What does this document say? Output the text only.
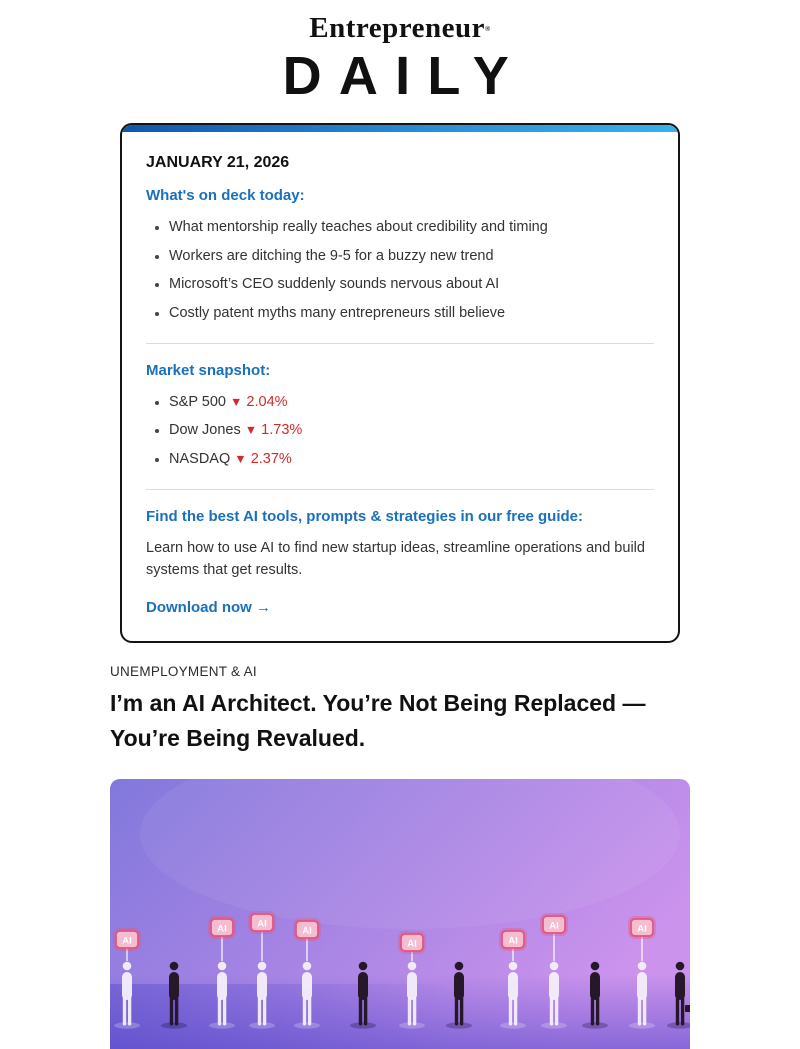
Entrepreneur®
DAILY
JANUARY 21, 2026
What's on deck today:
• What mentorship really teaches about credibility and timing
• Workers are ditching the 9-5 for a buzzy new trend
• Microsoft’s CEO suddenly sounds nervous about AI
• Costly patent myths many entrepreneurs still believe
Market snapshot:
• S&P 500 ▼ 2.04%
• Dow Jones ▼ 1.73%
• NASDAQ ▼ 2.37%
Find the best AI tools, prompts & strategies in our free guide:

Learn how to use AI to find new startup ideas, streamline operations and build systems that get results.

Download now →
UNEMPLOYMENT & AI
I’m an AI Architect. You’re Not Being Replaced —
You’re Being Revalued.
AI
AI	AI
AI
AI	AI
AI	AI
